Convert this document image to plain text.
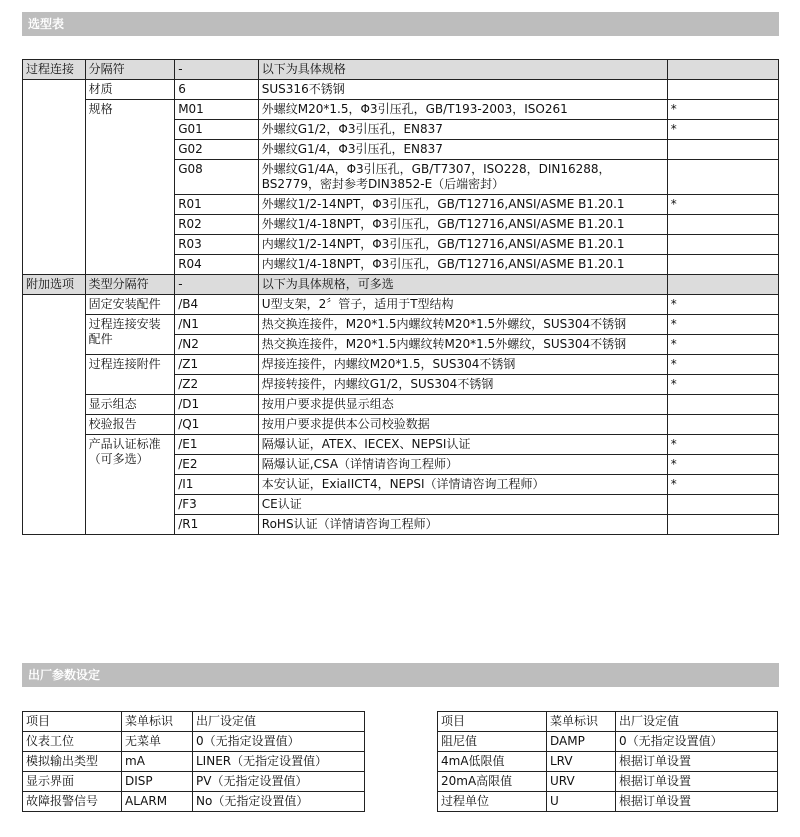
选型表
过程连接	分隔符	-	以下为具体规格	
	材质	6	SUS316不锈钢	
	规格	M01	外螺纹M20*1.5，Φ3引压孔，GB/T193-2003，ISO261	*
		G01	外螺纹G1/2，Φ3引压孔，EN837	*
		G02	外螺纹G1/4，Φ3引压孔，EN837	
		G08	外螺纹G1/4A，Φ3引压孔，GB/T7307，ISO228，DIN16288，BS2779，密封参考DIN3852-E（后端密封）	
		R01	外螺纹1/2-14NPT，Φ3引压孔，GB/T12716,ANSI/ASME B1.20.1	*
		R02	外螺纹1/4-18NPT，Φ3引压孔，GB/T12716,ANSI/ASME B1.20.1	
		R03	内螺纹1/2-14NPT，Φ3引压孔，GB/T12716,ANSI/ASME B1.20.1	
		R04	内螺纹1/4-18NPT，Φ3引压孔，GB/T12716,ANSI/ASME B1.20.1	
附加选项	类型分隔符	-	以下为具体规格，可多选	
	固定安装配件	/B4	U型支架，2〞管子，适用于T型结构	*
	过程连接安装配件	/N1	热交换连接件，M20*1.5内螺纹转M20*1.5外螺纹，SUS304不锈钢	*
		/N2	热交换连接件，M20*1.5内螺纹转M20*1.5外螺纹，SUS304不锈钢	*
	过程连接附件	/Z1	焊接连接件，内螺纹M20*1.5，SUS304不锈钢	*
		/Z2	焊接转接件，内螺纹G1/2，SUS304不锈钢	*
	显示组态	/D1	按用户要求提供显示组态	
	校验报告	/Q1	按用户要求提供本公司校验数据	
	产品认证标准（可多选）	/E1	隔爆认证，ATEX、IECEX、NEPSI认证	*
		/E2	隔爆认证,CSA（详情请咨询工程师）	*
		/I1	本安认证，ExiaIICT4，NEPSI（详情请咨询工程师）	*
		/F3	CE认证	
		/R1	RoHS认证（详情请咨询工程师）	
出厂参数设定
项目	菜单标识	出厂设定值
仪表工位	无菜单	0（无指定设置值）
模拟输出类型	mA	LINER（无指定设置值）
显示界面	DISP	PV（无指定设置值）
故障报警信号	ALARM	No（无指定设置值）
项目	菜单标识	出厂设定值
阻尼值	DAMP	0（无指定设置值）
4mA低限值	LRV	根据订单设置
20mA高限值	URV	根据订单设置
过程单位	U	根据订单设置
